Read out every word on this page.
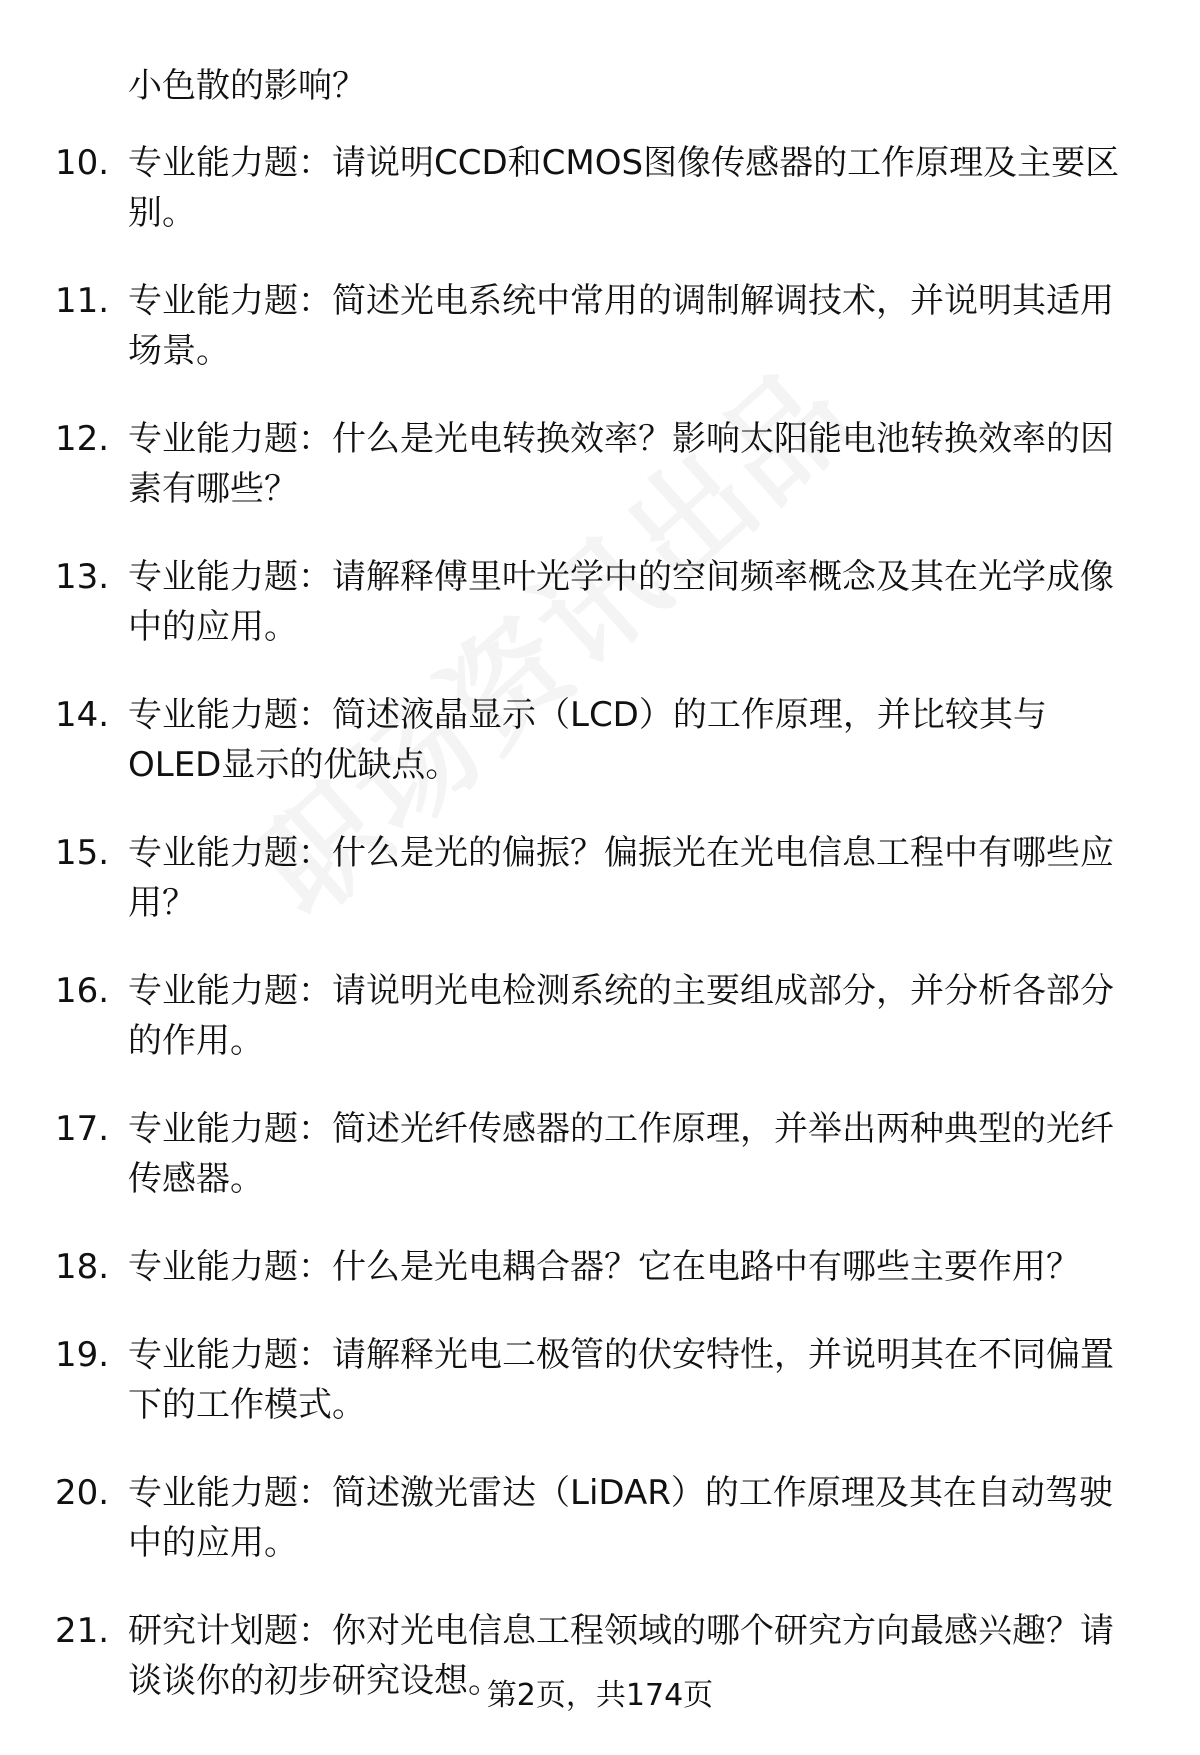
小色散的影响？
10. 专业能力题：请说明CCD和CMOS图像传感器的工作原理及主要区别。
11. 专业能力题：简述光电系统中常用的调制解调技术，并说明其适用场景。
12. 专业能力题：什么是光电转换效率？影响太阳能电池转换效率的因素有哪些？
13. 专业能力题：请解释傅里叶光学中的空间频率概念及其在光学成像中的应用。
14. 专业能力题：简述液晶显示（LCD）的工作原理，并比较其与OLED显示的优缺点。
15. 专业能力题：什么是光的偏振？偏振光在光电信息工程中有哪些应用？
16. 专业能力题：请说明光电检测系统的主要组成部分，并分析各部分的作用。
17. 专业能力题：简述光纤传感器的工作原理，并举出两种典型的光纤传感器。
18. 专业能力题：什么是光电耦合器？它在电路中有哪些主要作用？
19. 专业能力题：请解释光电二极管的伏安特性，并说明其在不同偏置下的工作模式。
20. 专业能力题：简述激光雷达（LiDAR）的工作原理及其在自动驾驶中的应用。
21. 研究计划题：你对光电信息工程领域的哪个研究方向最感兴趣？请谈谈你的初步研究设想。
第2页，共174页
